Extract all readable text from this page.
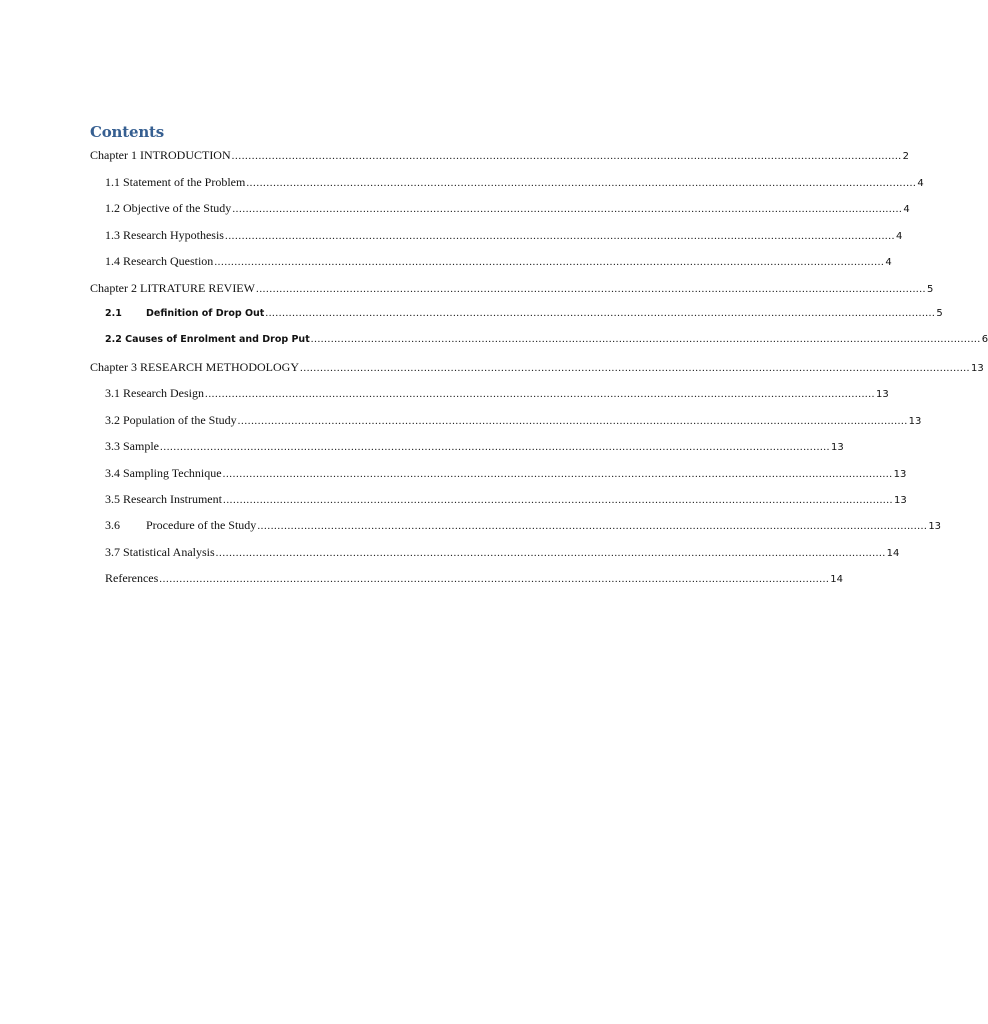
Contents
Chapter 1 INTRODUCTION ........................................................................................................................................................................................................ 2
1.1 Statement of the Problem ........................................................................................................................................................................................................ 4
1.2 Objective of the Study ........................................................................................................................................................................................................ 4
1.3 Research Hypothesis ........................................................................................................................................................................................................ 4
1.4 Research Question ........................................................................................................................................................................................................ 4
Chapter 2 LITRATURE REVIEW ........................................................................................................................................................................................................ 5
2.1	Definition of Drop Out ........................................................................................................................................................................................................ 5
2.2 Causes of Enrolment and Drop Put ........................................................................................................................................................................................................ 6
Chapter 3 RESEARCH METHODOLOGY ........................................................................................................................................................................................................ 13
3.1 Research Design ........................................................................................................................................................................................................ 13
3.2 Population of the Study ........................................................................................................................................................................................................ 13
3.3 Sample ........................................................................................................................................................................................................ 13
3.4 Sampling Technique ........................................................................................................................................................................................................ 13
3.5 Research Instrument ........................................................................................................................................................................................................ 13
3.6 Procedure of the Study ........................................................................................................................................................................................................ 13
3.7 Statistical Analysis ........................................................................................................................................................................................................ 14
References ........................................................................................................................................................................................................ 14
